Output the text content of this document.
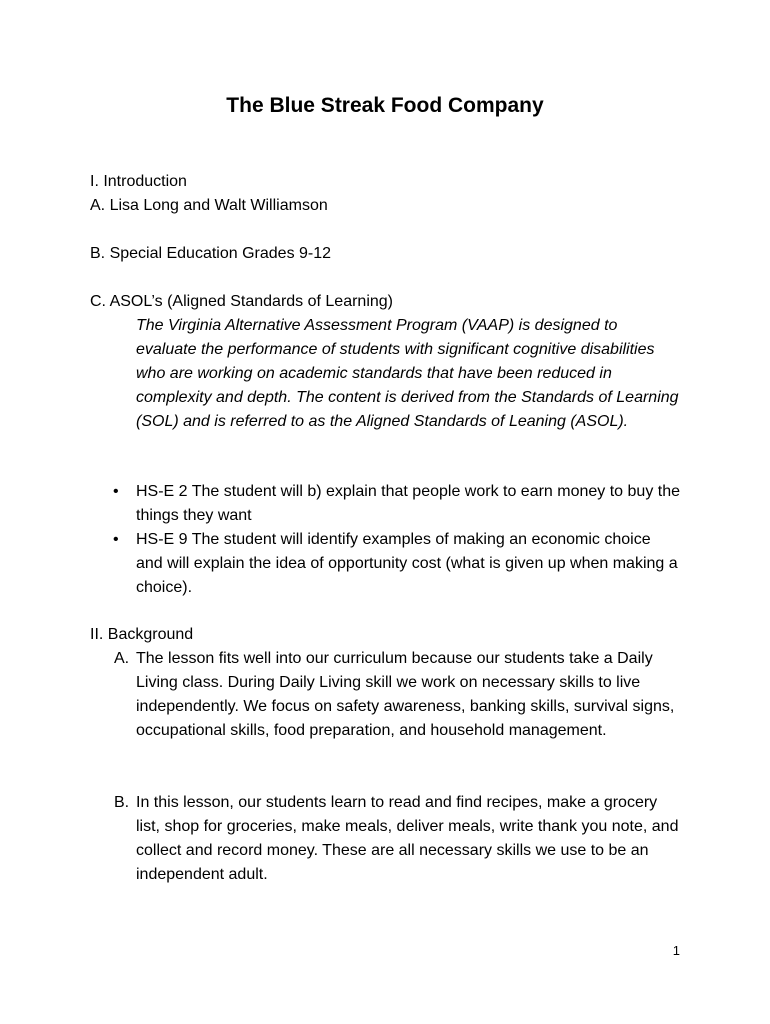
The Blue Streak Food Company
I. Introduction
A. Lisa Long and Walt Williamson
B. Special Education Grades 9-12
C. ASOL’s (Aligned Standards of Learning)
The Virginia Alternative Assessment Program (VAAP) is designed to evaluate the performance of students with significant cognitive disabilities who are working on academic standards that have been reduced in complexity and depth. The content is derived from the Standards of Learning (SOL) and is referred to as the Aligned Standards of Leaning (ASOL).
• HS-E 2 The student will b) explain that people work to earn money to buy the things they want
• HS-E 9 The student will identify examples of making an economic choice and will explain the idea of opportunity cost (what is given up when making a choice).
II. Background
A. The lesson fits well into our curriculum because our students take a Daily Living class. During Daily Living skill we work on necessary skills to live independently. We focus on safety awareness, banking skills, survival signs, occupational skills, food preparation, and household management.
B. In this lesson, our students learn to read and find recipes, make a grocery list, shop for groceries, make meals, deliver meals, write thank you note, and collect and record money. These are all necessary skills we use to be an independent adult.
1
